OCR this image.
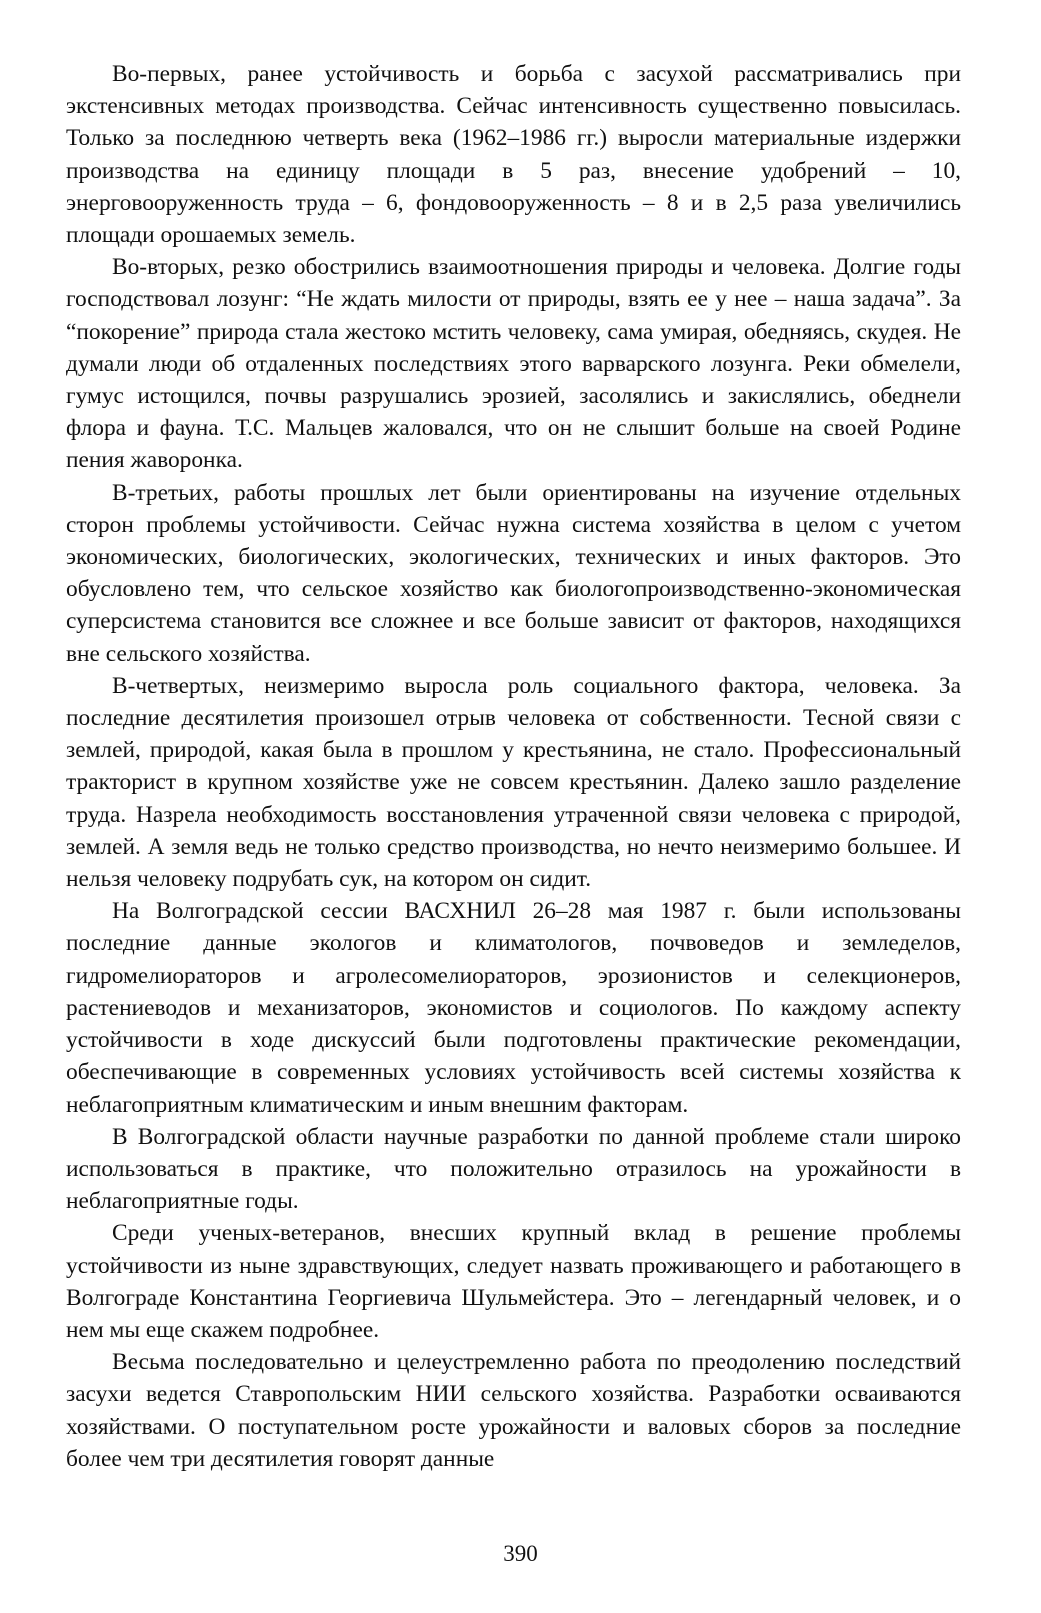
Во-первых, ранее устойчивость и борьба с засухой рассматривались при экстенсивных методах производства. Сейчас интенсивность существенно повысилась. Только за последнюю четверть века (1962–1986 гг.) выросли материальные издержки производства на единицу площади в 5 раз, внесение удобрений – 10, энерговооруженность труда – 6, фондовооруженность – 8 и в 2,5 раза увеличились площади орошаемых земель.

Во-вторых, резко обострились взаимоотношения природы и человека. Долгие годы господствовал лозунг: “Не ждать милости от природы, взять ее у нее – наша задача”. За “покорение” природа стала жестоко мстить человеку, сама умирая, обедняясь, скудея. Не думали люди об отдаленных последствиях этого варварского лозунга. Реки обмелели, гумус истощился, почвы разрушались эрозией, засолялись и закислялись, обеднели флора и фауна. Т.С. Мальцев жаловался, что он не слышит больше на своей Родине пения жаворонка.

В-третьих, работы прошлых лет были ориентированы на изучение отдельных сторон проблемы устойчивости. Сейчас нужна система хозяйства в целом с учетом экономических, биологических, экологических, технических и иных факторов. Это обусловлено тем, что сельское хозяйство как биологопроизводственно-экономическая суперсистема становится все сложнее и все больше зависит от факторов, находящихся вне сельского хозяйства.

В-четвертых, неизмеримо выросла роль социального фактора, человека. За последние десятилетия произошел отрыв человека от собственности. Тесной связи с землей, природой, какая была в прошлом у крестьянина, не стало. Профессиональный тракторист в крупном хозяйстве уже не совсем крестьянин. Далеко зашло разделение труда. Назрела необходимость восстановления утраченной связи человека с природой, землей. А земля ведь не только средство производства, но нечто неизмеримо большее. И нельзя человеку подрубать сук, на котором он сидит.

На Волгоградской сессии ВАСХНИЛ 26–28 мая 1987 г. были использованы последние данные экологов и климатологов, почвоведов и земледелов, гидромелиораторов и агролесомелиораторов, эрозионистов и селекционеров, растениеводов и механизаторов, экономистов и социологов. По каждому аспекту устойчивости в ходе дискуссий были подготовлены практические рекомендации, обеспечивающие в современных условиях устойчивость всей системы хозяйства к неблагоприятным климатическим и иным внешним факторам.

В Волгоградской области научные разработки по данной проблеме стали широко использоваться в практике, что положительно отразилось на урожайности в неблагоприятные годы.

Среди ученых-ветеранов, внесших крупный вклад в решение проблемы устойчивости из ныне здравствующих, следует назвать проживающего и работающего в Волгограде Константина Георгиевича Шульмейстера. Это – легендарный человек, и о нем мы еще скажем подробнее.

Весьма последовательно и целеустремленно работа по преодолению последствий засухи ведется Ставропольским НИИ сельского хозяйства. Разработки осваиваются хозяйствами. О поступательном росте урожайности и валовых сборов за последние более чем три десятилетия говорят данные

390
